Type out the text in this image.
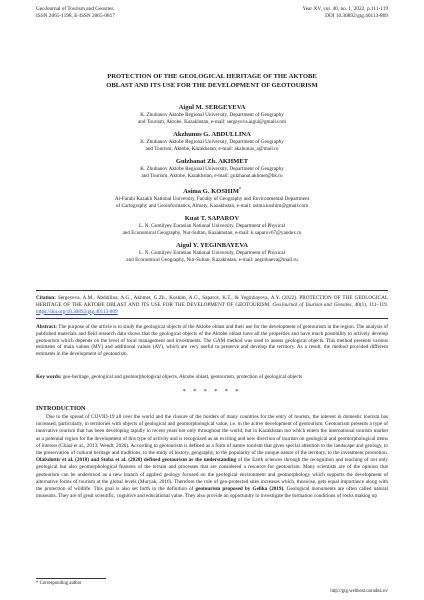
GeoJournal of Tourism and Geosites
ISSN 2065-1198, E-ISSN 2065-0817
Year XV, vol. 40, no. 1, 2022, p.111-119
DOI 10.30892/gtg.40113-809
PROTECTION OF THE GEOLOGICAL HERITAGE OF THE AKTOBE
OBLAST AND ITS USE FOR THE DEVELOPMENT OF GEOTOURISM
Aigul M. SERGEYEVA
K. Zhubanov Aktobe Regional University, Department of Geography
and Tourism, Aktobe, Kazakhstan, e-mail: sergeyeva.aigul@gmail.com
Akzhunus G. ABDULLINA
K. Zhubanov Aktobe Regional University, Department of Geography
and Tourism, Aktobe, Kazakhstan, e-mail: akzhunus_a@mail.ru
Gulzhanat Zh. AKHMET
K. Zhubanov Aktobe Regional University, Department of Geography
and Tourism, Aktobe, Kazakhstan, e-mail: gulzhanat.akhmet@bk.ru
Asima G. KOSHIM*
Al-Farabi Kazakh National University, Faculty of Geography and Environmental Department
of Cartography and Geoinformatics, Almaty, Kazakhstan, e-mail: asima.koshim@gmail.com
Kuat T. SAPAROV
L. N. Gumilyev Eurasian National University, Department of Physical
and Economical Geography, Nur-Sultan, Kazakhstan, e-mail: k.saparov67@yandex.ru
Aigul Y. YEGINBAYEVA
L. N. Gumilyev Eurasian National University, Department of Physical
and Economical Geography, Nur-Sultan, Kazakhstan, e-mail: aeginbaeva@mail.ru
Citation: Sergeyeva, A.M., Abdullina, A.G., Akhmet, G.Zh., Koshim, A.G., Saparov, K.T., & Yeginbayeva, A.Y. (2022). PROTECTION OF THE GEOLOGICAL HERITAGE OF THE AKTOBE OBLAST AND ITS USE FOR THE DEVELOPMENT OF GEOTOURISM. GeoJournal of Tourism and Geosites, 40(1), 111–119. https://doi.org/10.30892/gtg.40113-809
Abstract: The purpose of the article is to study the geological objects of the Aktobe oblast and their use for the development of geotourism in the region. The analysis of published materials and field research data shows that the geological objects of the Aktobe oblast have all the properties and have much possibility to actively develop geotourism which depends on the level of local management and investments. The GAM method was used to assess geological objects. This method presents various estimates of main values (MV) and additional values (AV), which are very useful to preserve and develop the territory. As a result, the method provided different estimates in the development of geotourism.
Key words: geo-heritage, geological and geomorphological objects, Aktobe oblast, geotourism, protection of geological objects
* * * * * *
INTRODUCTION
Due to the spread of COVID-19 all over the world and the closure of the borders of many countries for the entry of tourists, the interest in domestic tourism has increased, particularly, in territories with objects of geological and geomorphological value, i.e. in the active development of geotourism. Geotourism presents a type of innovative tourism that has been developing rapidly in recent years not only throughout the world, but in Kazakhstan too which enters the international tourism market as a potential region for the development of this type of activity and is recognized as an exciting and new direction of tourism on geological and geomorphological items of interest (Ghazi et al., 2013; Wendt, 2020). According to geotourism is defined as a form of nature tourism that gives special attention to the landscape and geology, to the preservation of cultural heritage and traditions, to the study of history, geography, to the popularity of the unique nature of the territory, to the investment promotion. Olafsdottir et al. (2018) and Stoba et al. (2020) defined geotourism as the understanding of the Earth sciences through the recognition and teaching of not only geological but also geomorphological features of the terrain and processes that are considered a resource for geotourism. Many scientists are of the opinion that geotourism can be understood as a new branch of applied geology focused on the geological environment and geomorphology which supports the development of alternative forms of tourism at the global levels (Muryak, 2016). Therefore the role of geo-protected sites increases which, thuswise, gets equal importance along with the protection of wildlife. This goal is also set forth in the definition of geotourism proposed by Gelika (2019). Geological monuments are often called natural museums. They are of great scientific, cognitive and educational value. They also provide an opportunity to investigate the formation conditions of rocks making up
* Corresponding author
http://gtg.webhost.uoradea.ro/
